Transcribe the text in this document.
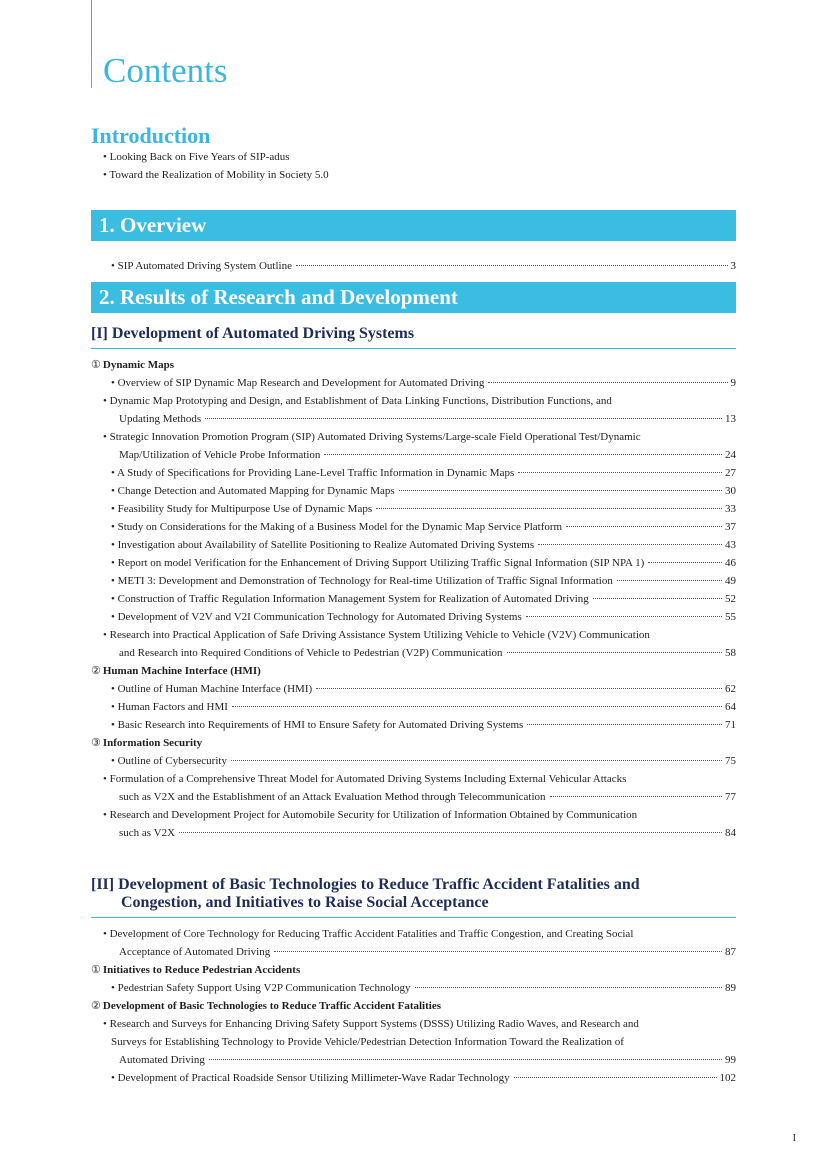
Contents
Introduction
• Looking Back on Five Years of SIP-adus
• Toward the Realization of Mobility in Society 5.0
1. Overview
• SIP Automated Driving System Outline	3
2. Results of Research and Development
[I] Development of Automated Driving Systems
① Dynamic Maps
• Overview of SIP Dynamic Map Research and Development for Automated Driving	9
• Dynamic Map Prototyping and Design, and Establishment of Data Linking Functions, Distribution Functions, and
Updating Methods	13
• Strategic Innovation Promotion Program (SIP) Automated Driving Systems/Large-scale Field Operational Test/Dynamic
Map/Utilization of Vehicle Probe Information	24
• A Study of Specifications for Providing Lane-Level Traffic Information in Dynamic Maps	27
• Change Detection and Automated Mapping for Dynamic Maps	30
• Feasibility Study for Multipurpose Use of Dynamic Maps	33
• Study on Considerations for the Making of a Business Model for the Dynamic Map Service Platform	37
• Investigation about Availability of Satellite Positioning to Realize Automated Driving Systems	43
• Report on model Verification for the Enhancement of Driving Support Utilizing Traffic Signal Information (SIP NPA 1)	46
• METI 3: Development and Demonstration of Technology for Real-time Utilization of Traffic Signal Information	49
• Construction of Traffic Regulation Information Management System for Realization of Automated Driving	52
• Development of V2V and V2I Communication Technology for Automated Driving Systems	55
• Research into Practical Application of Safe Driving Assistance System Utilizing Vehicle to Vehicle (V2V) Communication
and Research into Required Conditions of Vehicle to Pedestrian (V2P) Communication	58
② Human Machine Interface (HMI)
• Outline of Human Machine Interface (HMI)	62
• Human Factors and HMI	64
• Basic Research into Requirements of HMI to Ensure Safety for Automated Driving Systems	71
③ Information Security
• Outline of Cybersecurity	75
• Formulation of a Comprehensive Threat Model for Automated Driving Systems Including External Vehicular Attacks
such as V2X and the Establishment of an Attack Evaluation Method through Telecommunication	77
• Research and Development Project for Automobile Security for Utilization of Information Obtained by Communication
such as V2X	84
[II] Development of Basic Technologies to Reduce Traffic Accident Fatalities and
Congestion, and Initiatives to Raise Social Acceptance
• Development of Core Technology for Reducing Traffic Accident Fatalities and Traffic Congestion, and Creating Social
Acceptance of Automated Driving	87
① Initiatives to Reduce Pedestrian Accidents
• Pedestrian Safety Support Using V2P Communication Technology	89
② Development of Basic Technologies to Reduce Traffic Accident Fatalities
• Research and Surveys for Enhancing Driving Safety Support Systems (DSSS) Utilizing Radio Waves, and Research and
Surveys for Establishing Technology to Provide Vehicle/Pedestrian Detection Information Toward the Realization of
Automated Driving	99
• Development of Practical Roadside Sensor Utilizing Millimeter-Wave Radar Technology	102
I
